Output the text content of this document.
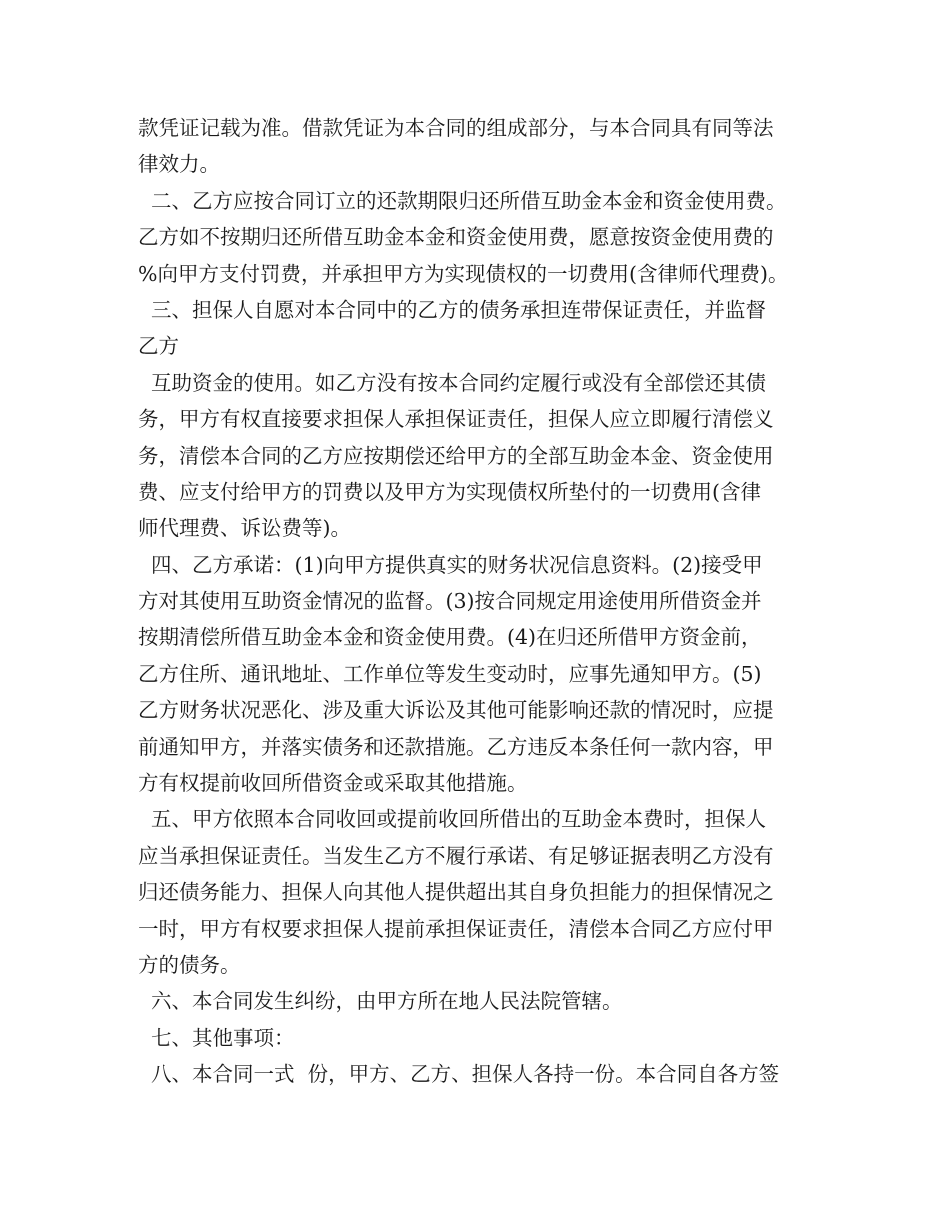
款凭证记载为准。借款凭证为本合同的组成部分，与本合同具有同等法
律效力。
二、乙方应按合同订立的还款期限归还所借互助金本金和资金使用费。
乙方如不按期归还所借互助金本金和资金使用费，愿意按资金使用费的
%向甲方支付罚费，并承担甲方为实现债权的一切费用(含律师代理费)。
三、担保人自愿对本合同中的乙方的债务承担连带保证责任，并监督
乙方
互助资金的使用。如乙方没有按本合同约定履行或没有全部偿还其债
务，甲方有权直接要求担保人承担保证责任，担保人应立即履行清偿义
务，清偿本合同的乙方应按期偿还给甲方的全部互助金本金、资金使用
费、应支付给甲方的罚费以及甲方为实现债权所垫付的一切费用(含律
师代理费、诉讼费等)。
四、乙方承诺：(1)向甲方提供真实的财务状况信息资料。(2)接受甲
方对其使用互助资金情况的监督。(3)按合同规定用途使用所借资金并
按期清偿所借互助金本金和资金使用费。(4)在归还所借甲方资金前，
乙方住所、通讯地址、工作单位等发生变动时，应事先通知甲方。(5)
乙方财务状况恶化、涉及重大诉讼及其他可能影响还款的情况时，应提
前通知甲方，并落实债务和还款措施。乙方违反本条任何一款内容，甲
方有权提前收回所借资金或采取其他措施。
五、甲方依照本合同收回或提前收回所借出的互助金本费时，担保人
应当承担保证责任。当发生乙方不履行承诺、有足够证据表明乙方没有
归还债务能力、担保人向其他人提供超出其自身负担能力的担保情况之
一时，甲方有权要求担保人提前承担保证责任，清偿本合同乙方应付甲
方的债务。
六、本合同发生纠纷，由甲方所在地人民法院管辖。
七、其他事项：
八、本合同一式  份，甲方、乙方、担保人各持一份。本合同自各方签
